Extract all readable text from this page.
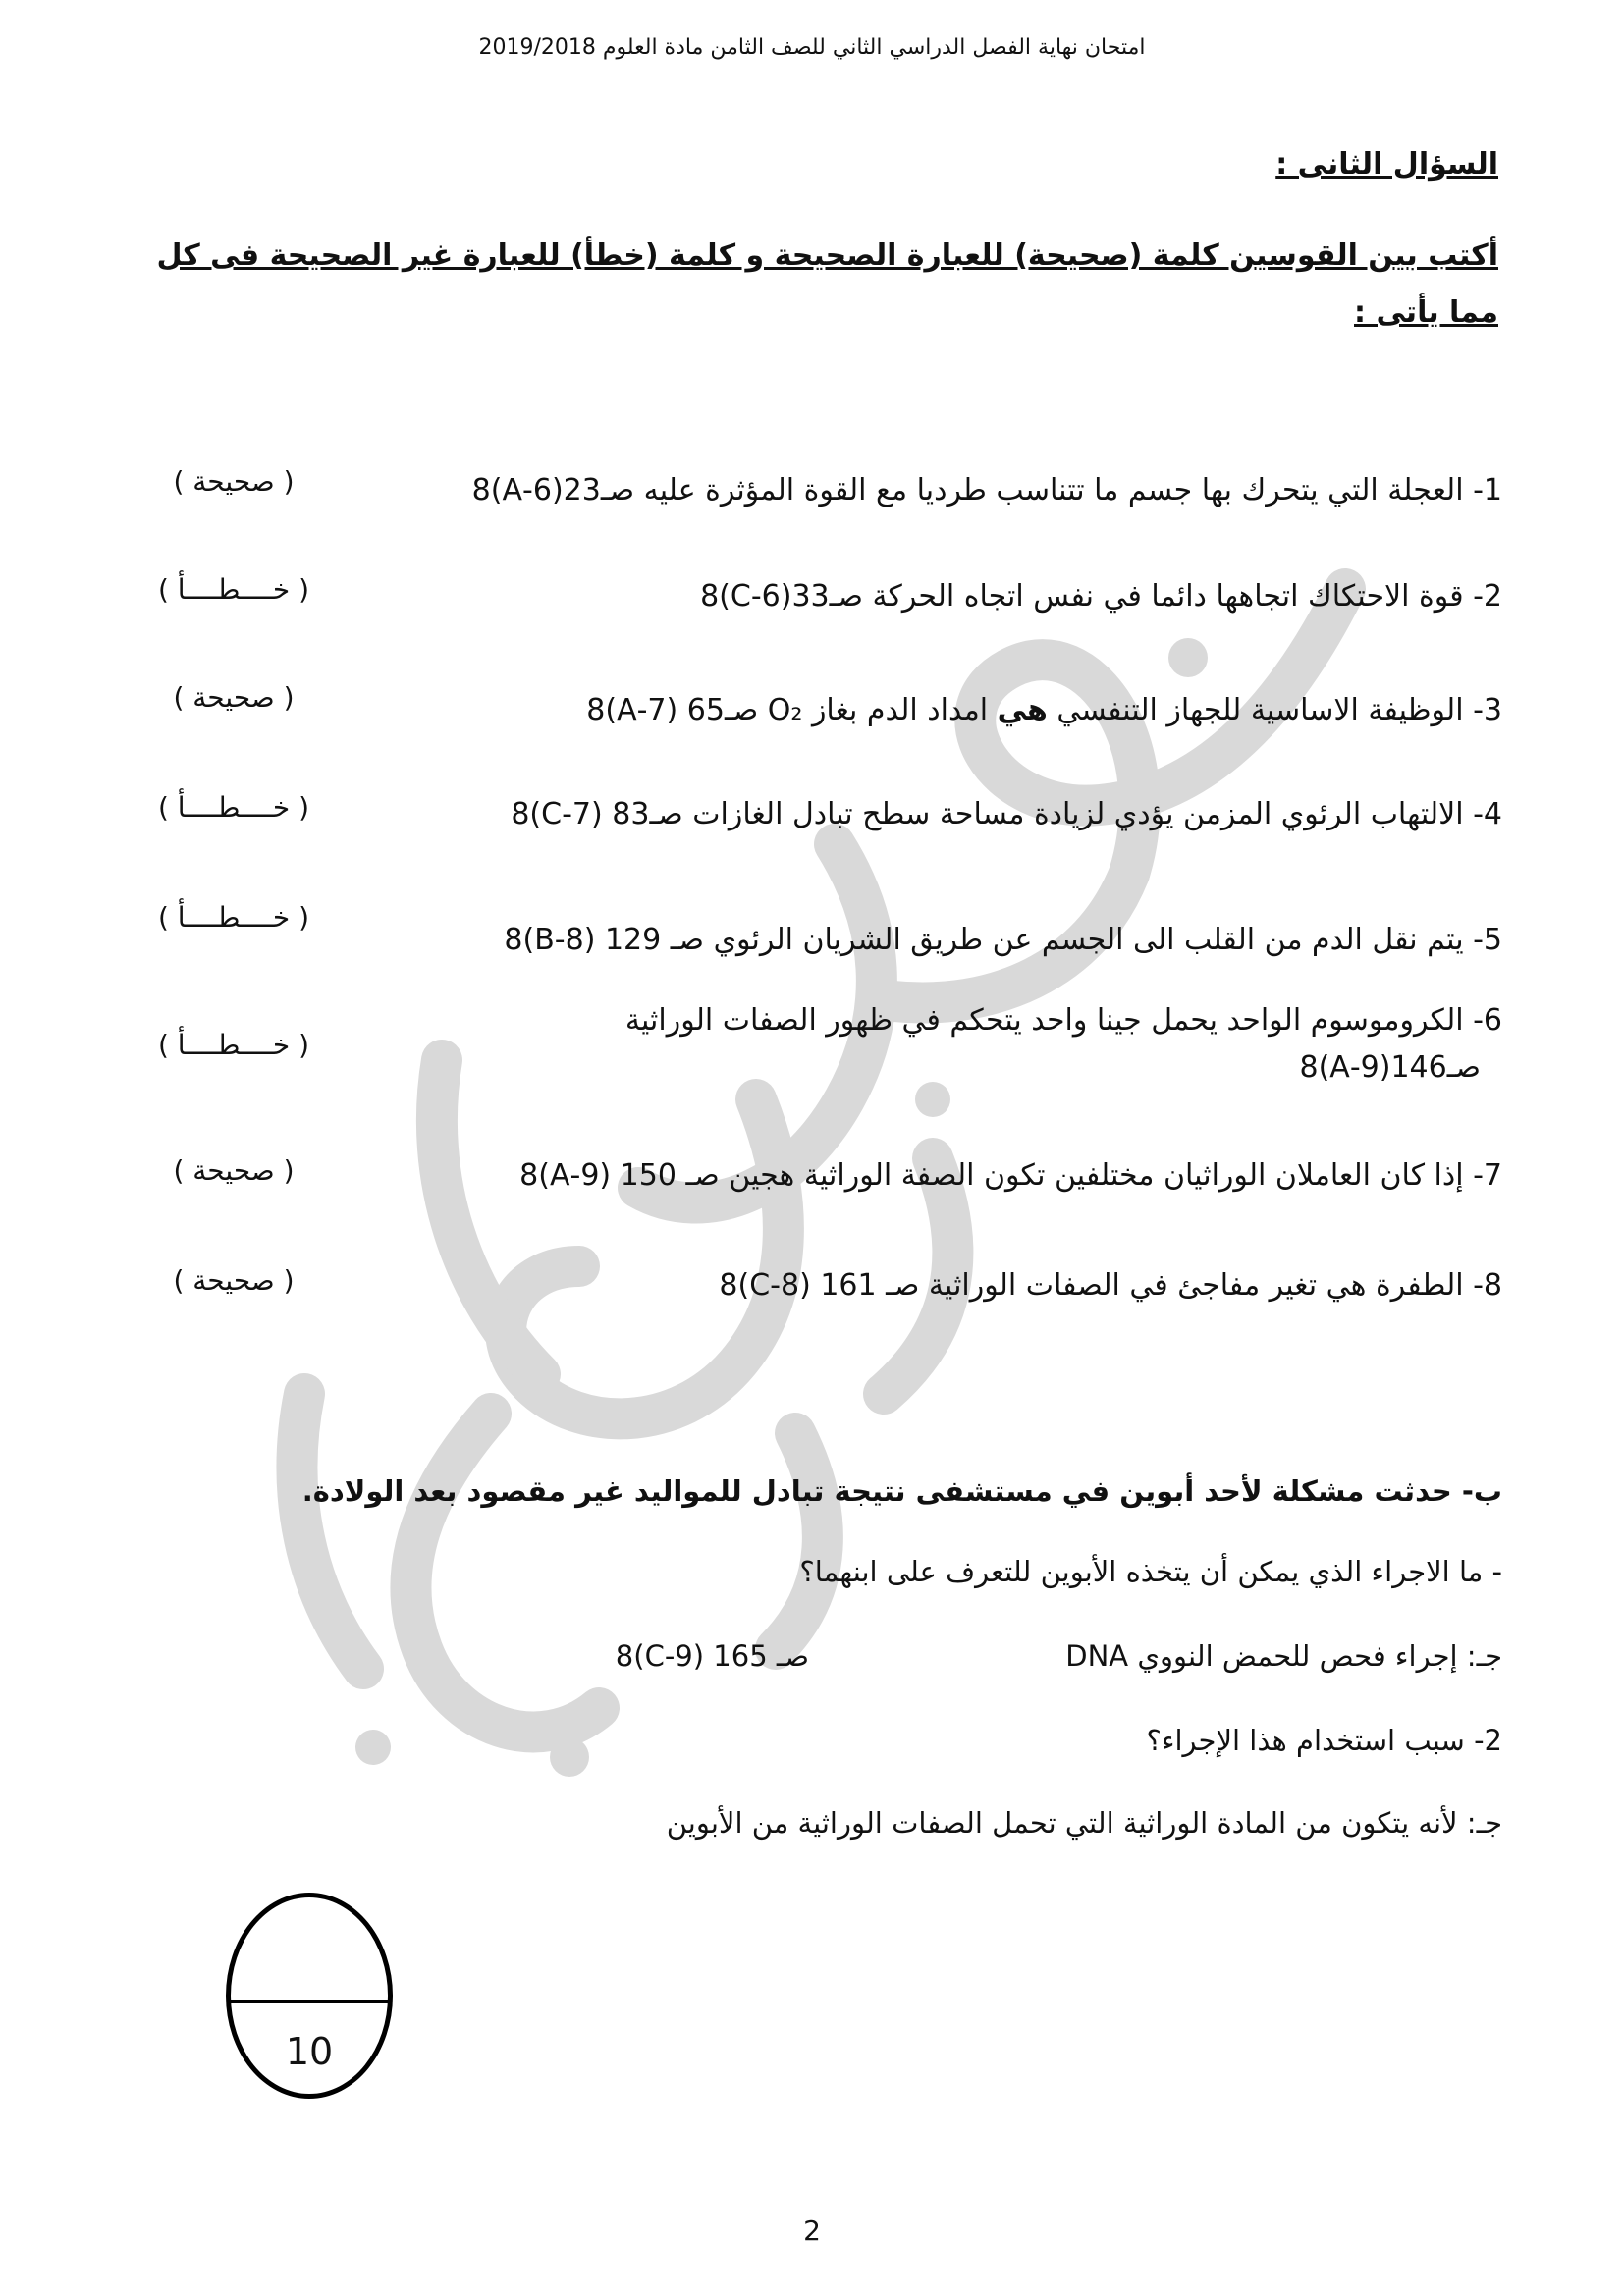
امتحان نهاية الفصل الدراسي الثاني للصف الثامن مادة العلوم 2019/2018
السؤال الثانى :
أكتب بين القوسين كلمة (صحيحة) للعبارة الصحيحة و كلمة (خطأ) للعبارة غير الصحيحة فى كل مما يأتى :
1- العجلة التي يتحرك بها جسم ما تتناسب طرديا مع القوة المؤثرة عليه صـ23(6-A)8
( صحيحة )
2- قوة الاحتكاك اتجاهها دائما في نفس اتجاه الحركة صـ33(6-C)8
( خــــطــــأ )
3- الوظيفة الاساسية للجهاز التنفسي هي امداد الدم بغاز O₂ صـ65 (7-A)8
( صحيحة )
4- الالتهاب الرئوي المزمن يؤدي لزيادة مساحة سطح تبادل الغازات صـ83 (7-C)8
( خــــطــــأ )
5- يتم نقل الدم من القلب الى الجسم عن طريق الشريان الرئوي صـ 129 (8-B)8
( خــــطــــأ )
6- الكروموسوم الواحد يحمل جينا واحد يتحكم في ظهور الصفات الوراثية
صـ146(9-A)8
( خــــطــــأ )
7- إذا كان العاملان الوراثيان مختلفين تكون الصفة الوراثية هجين صـ 150 (9-A)8
( صحيحة )
8- الطفرة هي تغير مفاجئ في الصفات الوراثية صـ 161 (8-C)8
( صحيحة )
ب- حدثت مشكلة لأحد أبوين في مستشفى نتيجة تبادل للمواليد غير مقصود بعد الولادة.
- ما الاجراء الذي يمكن أن يتخذه الأبوين للتعرف على ابنهما؟
جـ: إجراء فحص للحمض النووي DNA
صـ 165 (9-C)8
2- سبب استخدام هذا الإجراء؟
جـ: لأنه يتكون من المادة الوراثية التي تحمل الصفات الوراثية من الأبوين
10
2
